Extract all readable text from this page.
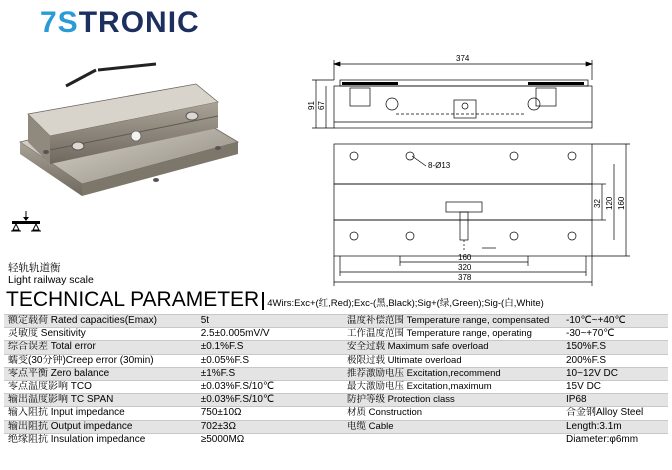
7STRONIC
轻轨轨道衡
Light railway scale
374
91 67
8-Ø13
32 120 160
160
320
378
TECHNICAL PARAMETER 4Wirs:Exc+(红,Red);Exc-(黑,Black);Sig+(绿,Green);Sig-(白,White)
额定载荷 Rated capacities(Emax)	5t	温度补偿范围 Temperature range, compensated	-10℃~+40℃
灵敏度 Sensitivity	2.5±0.005mV/V	工作温度范围 Temperature range, operating	-30~+70℃
综合误差 Total error	±0.1%F.S	安全过载 Maximum safe overload	150%F.S
蠕变(30分钟)Creep error (30min)	±0.05%F.S	极限过载 Ultimate overload	200%F.S
零点平衡 Zero balance	±1%F.S	推荐激励电压 Excitation,recommend	10~12V DC
零点温度影响 TCO	±0.03%F.S/10℃	最大激励电压 Excitation,maximum	15V DC
输出温度影响 TC SPAN	±0.03%F.S/10℃	防护等级 Protection class	IP68
输入阻抗 Input impedance	750±10Ω	材质 Construction	合金钢Alloy Steel
输出阻抗 Output impedance	702±3Ω	电缆 Cable	Length:3.1m
绝缘阻抗 Insulation impedance	≥5000MΩ		Diameter:φ6mm
